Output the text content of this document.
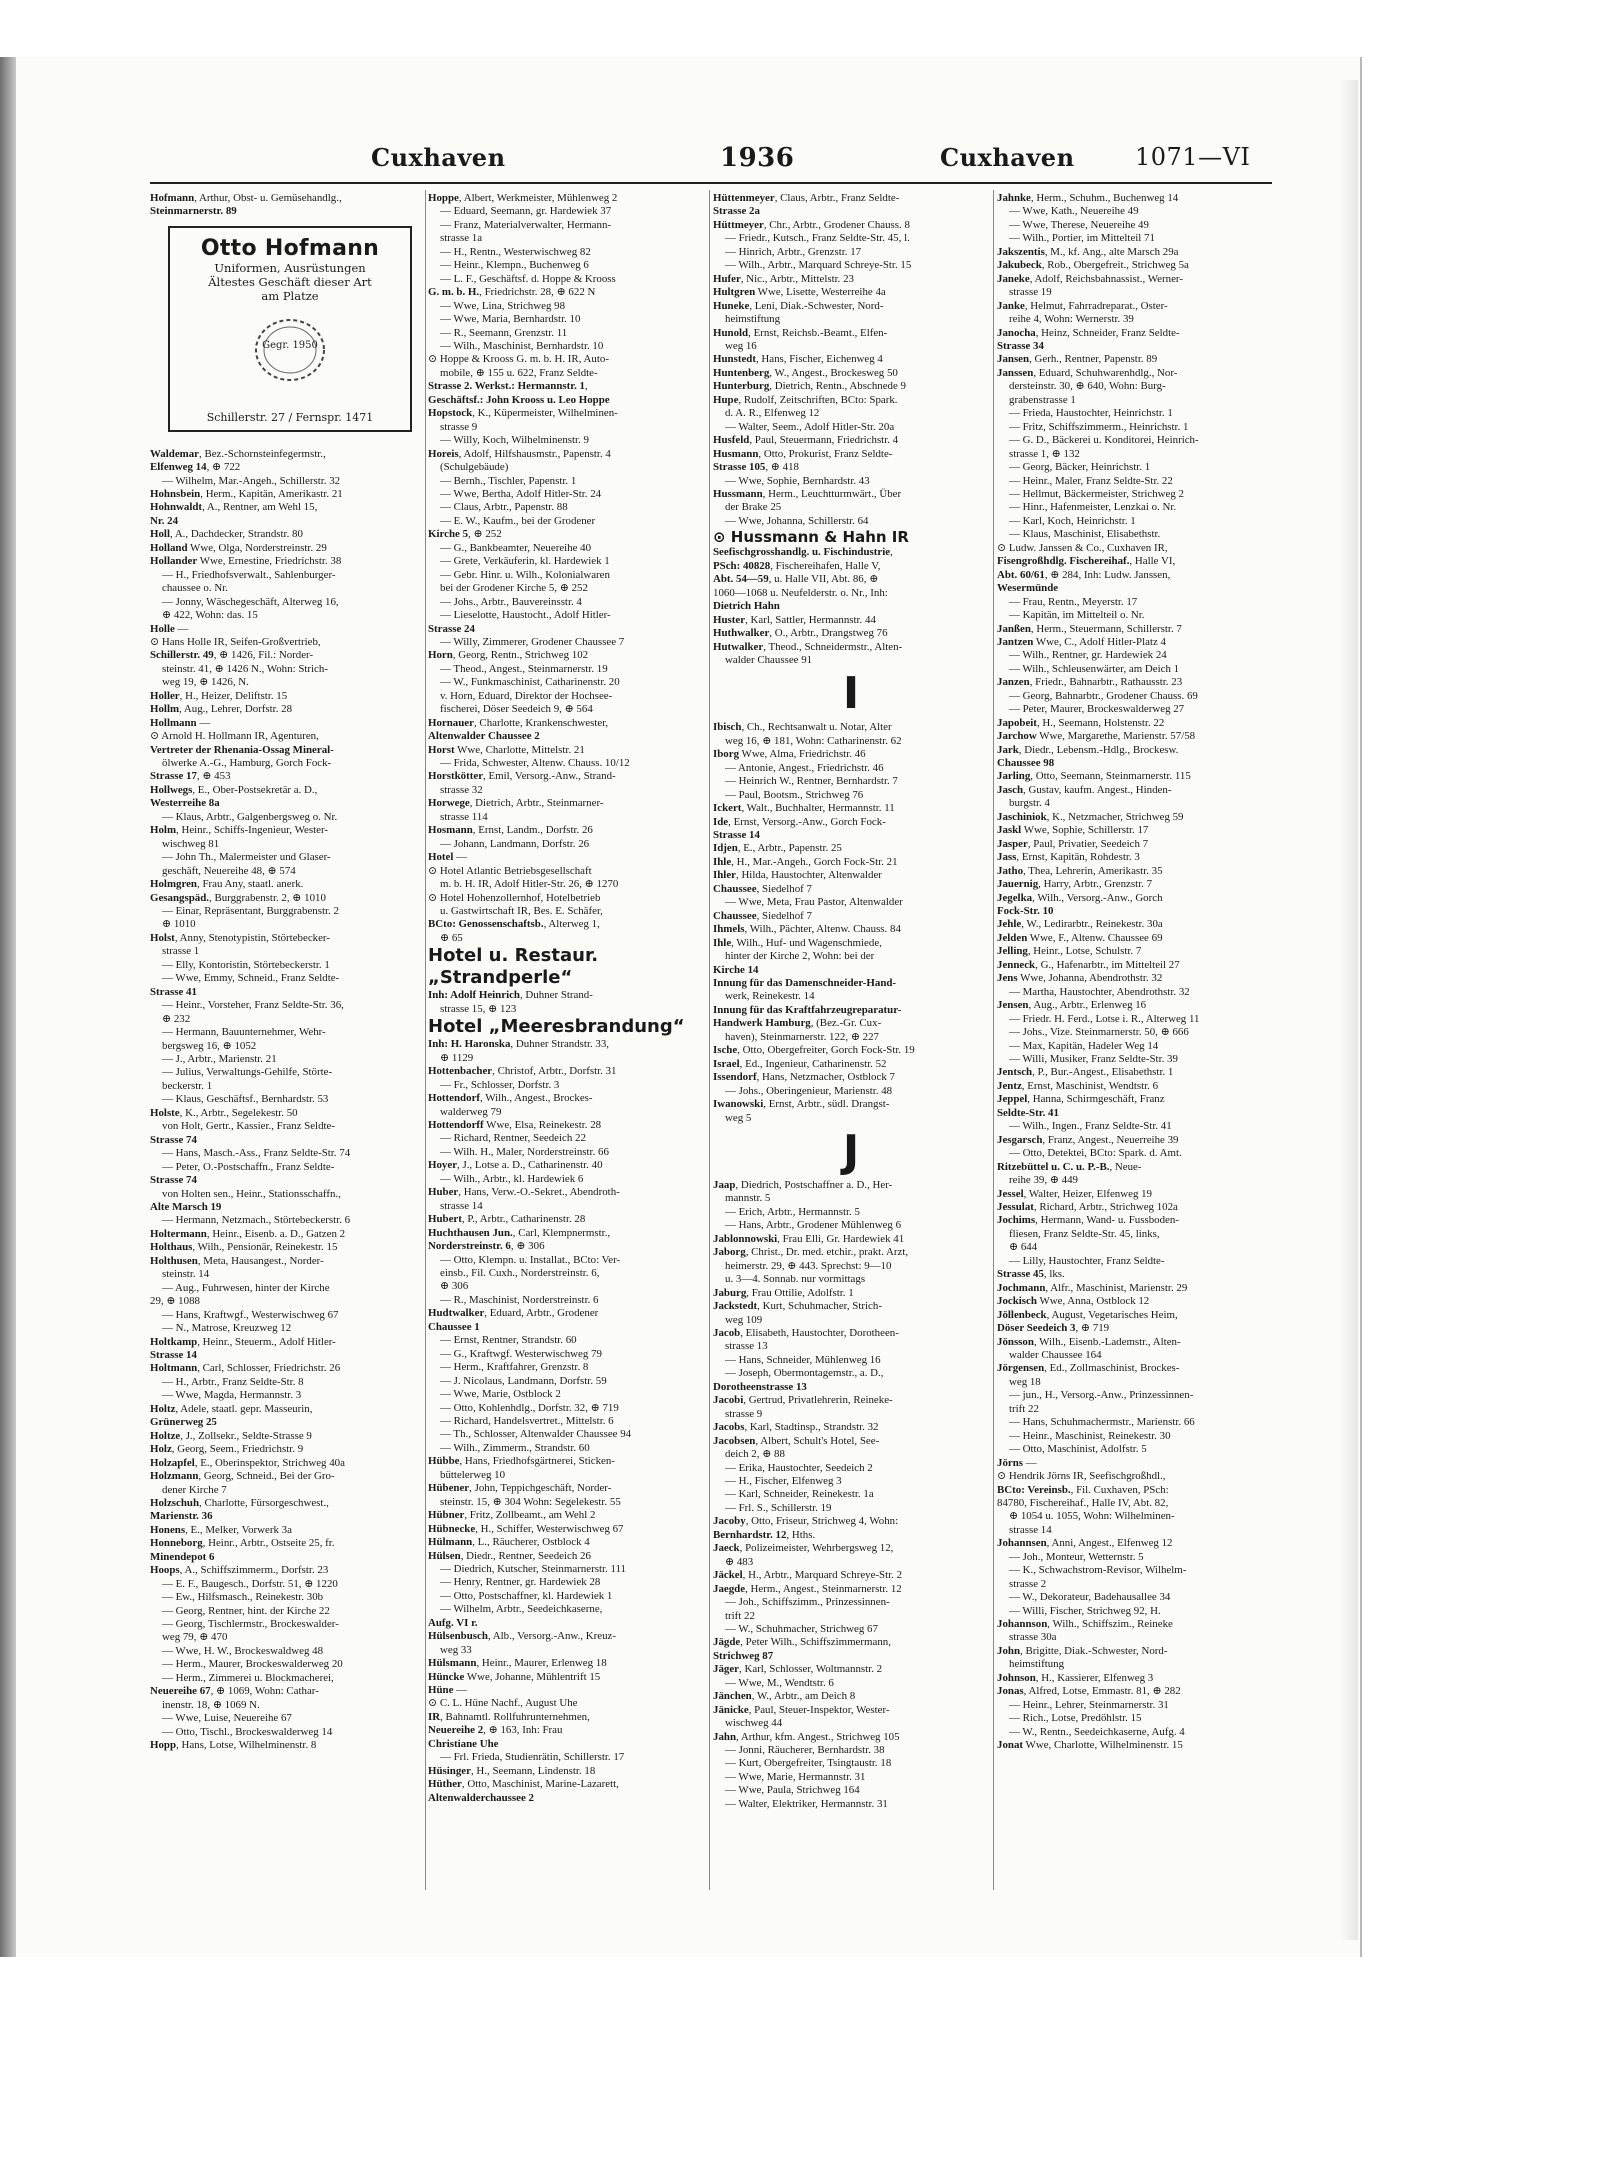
Cuxhaven	1936	Cuxhaven	1071—VI
Hofmann, Arthur, Obst- u. Gemüsehandlg.,
Steinmarnerstr. 89

Waldemar, Bez.-Schornsteinfegermstr.,
Elfenweg 14, ⊕ 722
— Wilhelm, Mar.-Angeh., Schillerstr. 32
Hohnsbein, Herm., Kapitän, Amerikastr. 21
Hohnwaldt, A., Rentner, am Wehl 15,
Nr. 24
Holl, A., Dachdecker, Strandstr. 80
Holland Wwe, Olga, Norderstreinstr. 29
Hollander Wwe, Ernestine, Friedrichstr. 38
— H., Friedhofsverwalt., Sahlenburger-
chaussee o. Nr.
— Jonny, Wäschegeschäft, Alterweg 16,
⊕ 422, Wohn: das. 15
Holle —
⊙ Hans Holle IR, Seifen-Großvertrieb,
Schillerstr. 49, ⊕ 1426, Fil.: Norder-
steinstr. 41, ⊕ 1426 N., Wohn: Strich-
weg 19, ⊕ 1426, N.
Holler, H., Heizer, Deliftstr. 15
Hollm, Aug., Lehrer, Dorfstr. 28
Hollmann —
⊙ Arnold H. Hollmann IR, Agenturen,
Vertreter der Rhenania-Ossag Mineral-
ölwerke A.-G., Hamburg, Gorch Fock-
Strasse 17, ⊕ 453
Hollwegs, E., Ober-Postsekretär a. D.,
Westerreihe 8a
— Klaus, Arbtr., Galgenbergsweg o. Nr.
Holm, Heinr., Schiffs-Ingenieur, Wester-
wischweg 81
— John Th., Malermeister und Glaser-
geschäft, Neuereihe 48, ⊕ 574
Holmgren, Frau Any, staatl. anerk.
Gesangspäd., Burggrabenstr. 2, ⊕ 1010
— Einar, Repräsentant, Burggrabenstr. 2
⊕ 1010
Holst, Anny, Stenotypistin, Störtebecker-
strasse 1
— Elly, Kontoristin, Störtebeckerstr. 1
— Wwe, Emmy, Schneid., Franz Seldte-
Strasse 41
— Heinr., Vorsteher, Franz Seldte-Str. 36,
⊕ 232
— Hermann, Bauunternehmer, Wehr-
bergsweg 16, ⊕ 1052
— J., Arbtr., Marienstr. 21
— Julius, Verwaltungs-Gehilfe, Störte-
beckerstr. 1
— Klaus, Geschäftsf., Bernhardstr. 53
Holste, K., Arbtr., Segelekestr. 50
von Holt, Gertr., Kassier., Franz Seldte-
Strasse 74
— Hans, Masch.-Ass., Franz Seldte-Str. 74
— Peter, O.-Postschaffn., Franz Seldte-
Strasse 74
von Holten sen., Heinr., Stationsschaffn.,
Alte Marsch 19
— Hermann, Netzmach., Störtebeckerstr. 6
Holtermann, Heinr., Eisenb. a. D., Gatzen 2
Holthaus, Wilh., Pensionär, Reinekestr. 15
Holthusen, Meta, Hausangest., Norder-
steinstr. 14
— Aug., Fuhrwesen, hinter der Kirche
29, ⊕ 1088
— Hans, Kraftwgf., Westerwischweg 67
— N., Matrose, Kreuzweg 12
Holtkamp, Heinr., Steuerm., Adolf Hitler-
Strasse 14
Holtmann, Carl, Schlosser, Friedrichstr. 26
— H., Arbtr., Franz Seldte-Str. 8
— Wwe, Magda, Hermannstr. 3
Holtz, Adele, staatl. gepr. Masseurin,
Grünerweg 25
Holtze, J., Zollsekr., Seldte-Strasse 9
Holz, Georg, Seem., Friedrichstr. 9
Holzapfel, E., Oberinspektor, Strichweg 40a
Holzmann, Georg, Schneid., Bei der Gro-
dener Kirche 7
Holzschuh, Charlotte, Fürsorgeschwest.,
Marienstr. 36
Honens, E., Melker, Vorwerk 3a
Honneborg, Heinr., Arbtr., Ostseite 25, fr.
Minendepot 6
Hoops, A., Schiffszimmerm., Dorfstr. 23
— E. F., Baugesch., Dorfstr. 51, ⊕ 1220
— Ew., Hilfsmasch., Reinekestr. 30b
— Georg, Rentner, hint. der Kirche 22
— Georg, Tischlermstr., Brockeswalder-
weg 79, ⊕ 470
— Wwe, H. W., Brockeswaldweg 48
— Herm., Maurer, Brockeswalderweg 20
— Herm., Zimmerei u. Blockmacherei,
Neuereihe 67, ⊕ 1069, Wohn: Cathar-
inenstr. 18, ⊕ 1069 N.
— Wwe, Luise, Neuereihe 67
— Otto, Tischl., Brockeswalderweg 14
Hopp, Hans, Lotse, Wilhelminenstr. 8
Hoppe, Albert, Werkmeister, Mühlenweg 2
— Eduard, Seemann, gr. Hardewiek 37
— Franz, Materialverwalter, Hermann-
strasse 1a
— H., Rentn., Westerwischweg 82
— Heinr., Klempn., Buchenweg 6
— L. F., Geschäftsf. d. Hoppe & Krooss
G. m. b. H., Friedrichstr. 28, ⊕ 622 N
— Wwe, Lina, Strichweg 98
— Wwe, Maria, Bernhardstr. 10
— R., Seemann, Grenzstr. 11
— Wilh., Maschinist, Bernhardstr. 10
⊙ Hoppe & Krooss G. m. b. H. IR, Auto-
mobile, ⊕ 155 u. 622, Franz Seldte-
Strasse 2. Werkst.: Hermannstr. 1,
Geschäftsf.: John Krooss u. Leo Hoppe
Hopstock, K., Küpermeister, Wilhelminen-
strasse 9
— Willy, Koch, Wilhelminenstr. 9
Horeis, Adolf, Hilfshausmstr., Papenstr. 4
(Schulgebäude)
— Bernh., Tischler, Papenstr. 1
— Wwe, Bertha, Adolf Hitler-Str. 24
— Claus, Arbtr., Papenstr. 88
— E. W., Kaufm., bei der Grodener
Kirche 5, ⊕ 252
— G., Bankbeamter, Neuereihe 40
— Grete, Verkäuferin, kl. Hardewiek 1
— Gebr. Hinr. u. Wilh., Kolonialwaren
bei der Grodener Kirche 5, ⊕ 252
— Johs., Arbtr., Bauvereinsstr. 4
— Lieselotte, Haustocht., Adolf Hitler-
Strasse 24
— Willy, Zimmerer, Grodener Chaussee 7
Horn, Georg, Rentn., Strichweg 102
— Theod., Angest., Steinmarnerstr. 19
— W., Funkmaschinist, Catharinenstr. 20
v. Horn, Eduard, Direktor der Hochsee-
fischerei, Döser Seedeich 9, ⊕ 564
Hornauer, Charlotte, Krankenschwester,
Altenwalder Chaussee 2
Horst Wwe, Charlotte, Mittelstr. 21
— Frida, Schwester, Altenw. Chauss. 10/12
Horstkötter, Emil, Versorg.-Anw., Strand-
strasse 32
Horwege, Dietrich, Arbtr., Steinmarner-
strasse 114
Hosmann, Ernst, Landm., Dorfstr. 26
— Johann, Landmann, Dorfstr. 26
Hotel —
⊙ Hotel Atlantic Betriebsgesellschaft
m. b. H. IR, Adolf Hitler-Str. 26, ⊕ 1270
⊙ Hotel Hohenzollernhof, Hotelbetrieb
u. Gastwirtschaft IR, Bes. E. Schäfer,
BCto: Genossenschaftsb., Alterweg 1,
⊕ 65
Hotel u. Restaur. „Strandperle“
Inh: Adolf Heinrich, Duhner Strand-
strasse 15, ⊕ 123
Hotel „Meeresbrandung“
Inh: H. Haronska, Duhner Strandstr. 33,
⊕ 1129
Hottenbacher, Christof, Arbtr., Dorfstr. 31
— Fr., Schlosser, Dorfstr. 3
Hottendorf, Wilh., Angest., Brockes-
walderweg 79
Hottendorff Wwe, Elsa, Reinekestr. 28
— Richard, Rentner, Seedeich 22
— Wilh. H., Maler, Norderstreinstr. 66
Hoyer, J., Lotse a. D., Catharinenstr. 40
— Wilh., Arbtr., kl. Hardewiek 6
Huber, Hans, Verw.-O.-Sekret., Abendroth-
strasse 14
Hubert, P., Arbtr., Catharinenstr. 28
Huchthausen Jun., Carl, Klempnermstr.,
Norderstreinstr. 6, ⊕ 306
— Otto, Klempn. u. Installat., BCto: Ver-
einsb., Fil. Cuxh., Norderstreinstr. 6,
⊕ 306
— R., Maschinist, Norderstreinstr. 6
Hudtwalker, Eduard, Arbtr., Grodener
Chaussee 1
— Ernst, Rentner, Strandstr. 60
— G., Kraftwgf. Westerwischweg 79
— Herm., Kraftfahrer, Grenzstr. 8
— J. Nicolaus, Landmann, Dorfstr. 59
— Wwe, Marie, Ostblock 2
— Otto, Kohlenhdlg., Dorfstr. 32, ⊕ 719
— Richard, Handelsvertret., Mittelstr. 6
— Th., Schlosser, Altenwalder Chaussee 94
— Wilh., Zimmerm., Strandstr. 60
Hübbe, Hans, Friedhofsgärtnerei, Sticken-
büttelerweg 10
Hübener, John, Teppichgeschäft, Norder-
steinstr. 15, ⊕ 304 Wohn: Segelekestr. 55
Hübner, Fritz, Zollbeamt., am Wehl 2
Hübnecke, H., Schiffer, Westerwischweg 67
Hülmann, L., Räucherer, Ostblock 4
Hülsen, Diedr., Rentner, Seedeich 26
— Diedrich, Kutscher, Steinmarnerstr. 111
— Henry, Rentner, gr. Hardewiek 28
— Otto, Postschaffner, kl. Hardewiek 1
— Wilhelm, Arbtr., Seedeichkaserne,
Aufg. VI r.
Hülsenbusch, Alb., Versorg.-Anw., Kreuz-
weg 33
Hülsmann, Heinr., Maurer, Erlenweg 18
Hüncke Wwe, Johanne, Mühlentrift 15
Hüne —
⊙ C. L. Hüne Nachf., August Uhe
IR, Bahnamtl. Rollfuhrunternehmen,
Neuereihe 2, ⊕ 163, Inh: Frau
Christiane Uhe
— Frl. Frieda, Studienrätin, Schillerstr. 17
Hüsinger, H., Seemann, Lindenstr. 18
Hüther, Otto, Maschinist, Marine-Lazarett,
Altenwalderchaussee 2
Hüttenmeyer, Claus, Arbtr., Franz Seldte-
Strasse 2a
Hüttmeyer, Chr., Arbtr., Grodener Chauss. 8
— Friedr., Kutsch., Franz Seldte-Str. 45, l.
— Hinrich, Arbtr., Grenzstr. 17
— Wilh., Arbtr., Marquard Schreye-Str. 15
Hufer, Nic., Arbtr., Mittelstr. 23
Hultgren Wwe, Lisette, Westerreihe 4a
Huneke, Leni, Diak.-Schwester, Nord-
heimstiftung
Hunold, Ernst, Reichsb.-Beamt., Elfen-
weg 16
Hunstedt, Hans, Fischer, Eichenweg 4
Huntenberg, W., Angest., Brockesweg 50
Hunterburg, Dietrich, Rentn., Abschnede 9
Hupe, Rudolf, Zeitschriften, BCto: Spark.
d. A. R., Elfenweg 12
— Walter, Seem., Adolf Hitler-Str. 20a
Husfeld, Paul, Steuermann, Friedrichstr. 4
Husmann, Otto, Prokurist, Franz Seldte-
Strasse 105, ⊕ 418
— Wwe, Sophie, Bernhardstr. 43
Hussmann, Herm., Leuchtturmwärt., Über
der Brake 25
— Wwe, Johanna, Schillerstr. 64
⊙ Hussmann & Hahn IR
Seefischgrosshandlg. u. Fischindustrie,
PSch: 40828, Fischereihafen, Halle V,
Abt. 54—59, u. Halle VII, Abt. 86, ⊕
1060—1068 u. Neufelderstr. o. Nr., Inh:
Dietrich Hahn
Huster, Karl, Sattler, Hermannstr. 44
Huthwalker, O., Arbtr., Drangstweg 76
Hutwalker, Theod., Schneidermstr., Alten-
walder Chaussee 91
I
Ibisch, Ch., Rechtsanwalt u. Notar, Alter
weg 16, ⊕ 181, Wohn: Catharinenstr. 62
Iborg Wwe, Alma, Friedrichstr. 46
— Antonie, Angest., Friedrichstr. 46
— Heinrich W., Rentner, Bernhardstr. 7
— Paul, Bootsm., Strichweg 76
Ickert, Walt., Buchhalter, Hermannstr. 11
Ide, Ernst, Versorg.-Anw., Gorch Fock-
Strasse 14
Idjen, E., Arbtr., Papenstr. 25
Ihle, H., Mar.-Angeh., Gorch Fock-Str. 21
Ihler, Hilda, Haustochter, Altenwalder
Chaussee, Siedelhof 7
— Wwe, Meta, Frau Pastor, Altenwalder
Chaussee, Siedelhof 7
Ihmels, Wilh., Pächter, Altenw. Chauss. 84
Ihle, Wilh., Huf- und Wagenschmiede,
hinter der Kirche 2, Wohn: bei der
Kirche 14
Innung für das Damenschneider-Hand-
werk, Reinekestr. 14
Innung für das Kraftfahrzeugreparatur-
Handwerk Hamburg, (Bez.-Gr. Cux-
haven), Steinmarnerstr. 122, ⊕ 227
Ische, Otto, Obergefreiter, Gorch Fock-Str. 19
Israel, Ed., Ingenieur, Catharinenstr. 52
Issendorf, Hans, Netzmacher, Ostblock 7
— Johs., Oberingenieur, Marienstr. 48
Iwanowski, Ernst, Arbtr., südl. Drangst-
weg 5
J
Jaap, Diedrich, Postschaffner a. D., Her-
mannstr. 5
— Erich, Arbtr., Hermannstr. 5
— Hans, Arbtr., Grodener Mühlenweg 6
Jablonnowski, Frau Elli, Gr. Hardewiek 41
Jaborg, Christ., Dr. med. etchir., prakt. Arzt,
heimerstr. 29, ⊕ 443. Sprechst: 9—10
u. 3—4. Sonnab. nur vormittags
Jaburg, Frau Ottilie, Adolfstr. 1
Jackstedt, Kurt, Schuhmacher, Strich-
weg 109
Jacob, Elisabeth, Haustochter, Dorotheen-
strasse 13
— Hans, Schneider, Mühlenweg 16
— Joseph, Obermontagemstr., a. D.,
Dorotheenstrasse 13
Jacobi, Gertrud, Privatlehrerin, Reineke-
strasse 9
Jacobs, Karl, Stadtinsp., Strandstr. 32
Jacobsen, Albert, Schult's Hotel, See-
deich 2, ⊕ 88
— Erika, Haustochter, Seedeich 2
— H., Fischer, Elfenweg 3
— Karl, Schneider, Reinekestr. 1a
— Frl. S., Schillerstr. 19
Jacoby, Otto, Friseur, Strichweg 4, Wohn:
Bernhardstr. 12, Hths.
Jaeck, Polizeimeister, Wehrbergsweg 12,
⊕ 483
Jäckel, H., Arbtr., Marquard Schreye-Str. 2
Jaegde, Herm., Angest., Steinmarnerstr. 12
— Joh., Schiffszimm., Prinzessinnen-
trift 22
— W., Schuhmacher, Strichweg 67
Jägde, Peter Wilh., Schiffszimmermann,
Strichweg 87
Jäger, Karl, Schlosser, Woltmannstr. 2
— Wwe, M., Wendtstr. 6
Jänchen, W., Arbtr., am Deich 8
Jänicke, Paul, Steuer-Inspektor, Wester-
wischweg 44
Jahn, Arthur, kfm. Angest., Strichweg 105
— Jonni, Räucherer, Bernhardstr. 38
— Kurt, Obergefreiter, Tsingtaustr. 18
— Wwe, Marie, Hermannstr. 31
— Wwe, Paula, Strichweg 164
— Walter, Elektriker, Hermannstr. 31
Jahnke, Herm., Schuhm., Buchenweg 14
— Wwe, Kath., Neuereihe 49
— Wwe, Therese, Neuereihe 49
— Wilh., Portier, im Mittelteil 71
Jakszentis, M., kf. Ang., alte Marsch 29a
Jakubeck, Rob., Obergefreit., Strichweg 5a
Janeke, Adolf, Reichsbahnassist., Werner-
strasse 19
Janke, Helmut, Fahrradreparat., Oster-
reihe 4, Wohn: Wernerstr. 39
Janocha, Heinz, Schneider, Franz Seldte-
Strasse 34
Jansen, Gerh., Rentner, Papenstr. 89
Janssen, Eduard, Schuhwarenhdlg., Nor-
dersteinstr. 30, ⊕ 640, Wohn: Burg-
grabenstrasse 1
— Frieda, Haustochter, Heinrichstr. 1
— Fritz, Schiffszimmerm., Heinrichstr. 1
— G. D., Bäckerei u. Konditorei, Heinrich-
strasse 1, ⊕ 132
— Georg, Bäcker, Heinrichstr. 1
— Heinr., Maler, Franz Seldte-Str. 22
— Hellmut, Bäckermeister, Strichweg 2
— Hinr., Hafenmeister, Lenzkai o. Nr.
— Karl, Koch, Heinrichstr. 1
— Klaus, Maschinist, Elisabethstr.
⊙ Ludw. Janssen & Co., Cuxhaven IR,
Fisengroßhdlg. Fischereihaf., Halle VI,
Abt. 60/61, ⊕ 284, Inh: Ludw. Janssen,
Wesermünde
— Frau, Rentn., Meyerstr. 17
— Kapitän, im Mittelteil o. Nr.
Janßen, Herm., Steuermann, Schillerstr. 7
Jantzen Wwe, C., Adolf Hitler-Platz 4
— Wilh., Rentner, gr. Hardewiek 24
— Wilh., Schleusenwärter, am Deich 1
Janzen, Friedr., Bahnarbtr., Rathausstr. 23
— Georg, Bahnarbtr., Grodener Chauss. 69
— Peter, Maurer, Brockeswalderweg 27
Japobeit, H., Seemann, Holstenstr. 22
Jarchow Wwe, Margarethe, Marienstr. 57/58
Jark, Diedr., Lebensm.-Hdlg., Brockesw.
Chaussee 98
Jarling, Otto, Seemann, Steinmarnerstr. 115
Jasch, Gustav, kaufm. Angest., Hinden-
burgstr. 4
Jaschiniok, K., Netzmacher, Strichweg 59
Jaskl Wwe, Sophie, Schillerstr. 17
Jasper, Paul, Privatier, Seedeich 7
Jass, Ernst, Kapitän, Rohdestr. 3
Jatho, Thea, Lehrerin, Amerikastr. 35
Jauernig, Harry, Arbtr., Grenzstr. 7
Jegelka, Wilh., Versorg.-Anw., Gorch
Fock-Str. 10
Jehle, W., Ledirarbtr., Reinekestr. 30a
Jelden Wwe, F., Altenw. Chaussee 69
Jelling, Heinr., Lotse, Schulstr. 7
Jenneck, G., Hafenarbtr., im Mittelteil 27
Jens Wwe, Johanna, Abendrothstr. 32
— Martha, Haustochter, Abendrothstr. 32
Jensen, Aug., Arbtr., Erlenweg 16
— Friedr. H. Ferd., Lotse i. R., Alterweg 11
— Johs., Vize. Steinmarnerstr. 50, ⊕ 666
— Max, Kapitän, Hadeler Weg 14
— Willi, Musiker, Franz Seldte-Str. 39
Jentsch, P., Bur.-Angest., Elisabethstr. 1
Jentz, Ernst, Maschinist, Wendtstr. 6
Jeppel, Hanna, Schirmgeschäft, Franz
Seldte-Str. 41
— Wilh., Ingen., Franz Seldte-Str. 41
Jesgarsch, Franz, Angest., Neuerreihe 39
— Otto, Detektei, BCto: Spark. d. Amt.
Ritzebüttel u. C. u. P.-B., Neue-
reihe 39, ⊕ 449
Jessel, Walter, Heizer, Elfenweg 19
Jessulat, Richard, Arbtr., Strichweg 102a
Jochims, Hermann, Wand- u. Fussboden-
fliesen, Franz Seldte-Str. 45, links,
⊕ 644
— Lilly, Haustochter, Franz Seldte-
Strasse 45, lks.
Jochmann, Alfr., Maschinist, Marienstr. 29
Jockisch Wwe, Anna, Ostblock 12
Jöllenbeck, August, Vegetarisches Heim,
Döser Seedeich 3, ⊕ 719
Jönsson, Wilh., Eisenb.-Lademstr., Alten-
walder Chaussee 164
Jörgensen, Ed., Zollmaschinist, Brockes-
weg 18
— jun., H., Versorg.-Anw., Prinzessinnen-
trift 22
— Hans, Schuhmachermstr., Marienstr. 66
— Heinr., Maschinist, Reinekestr. 30
— Otto, Maschinist, Adolfstr. 5
Jörns —
⊙ Hendrik Jörns IR, Seefischgroßhdl.,
BCto: Vereinsb., Fil. Cuxhaven, PSch:
84780, Fischereihaf., Halle IV, Abt. 82,
⊕ 1054 u. 1055, Wohn: Wilhelminen-
strasse 14
Johannsen, Anni, Angest., Elfenweg 12
— Joh., Monteur, Wetternstr. 5
— K., Schwachstrom-Revisor, Wilhelm-
strasse 2
— W., Dekorateur, Badehausallee 34
— Willi, Fischer, Strichweg 92, H.
Johannson, Wilh., Schiffszim., Reineke
strasse 30a
John, Brigitte, Diak.-Schwester, Nord-
heimstiftung
Johnson, H., Kassierer, Elfenweg 3
Jonas, Alfred, Lotse, Emmastr. 81, ⊕ 282
— Heinr., Lehrer, Steinmarnerstr. 31
— Rich., Lotse, Predöhlstr. 15
— W., Rentn., Seedeichkaserne, Aufg. 4
Jonat Wwe, Charlotte, Wilhelminenstr. 15
Otto Hofmann
Uniformen, Ausrüstungen
Ältestes Geschäft dieser Art
am Platze
Gegr. 1950
Schillerstr. 27 / Fernspr. 1471
